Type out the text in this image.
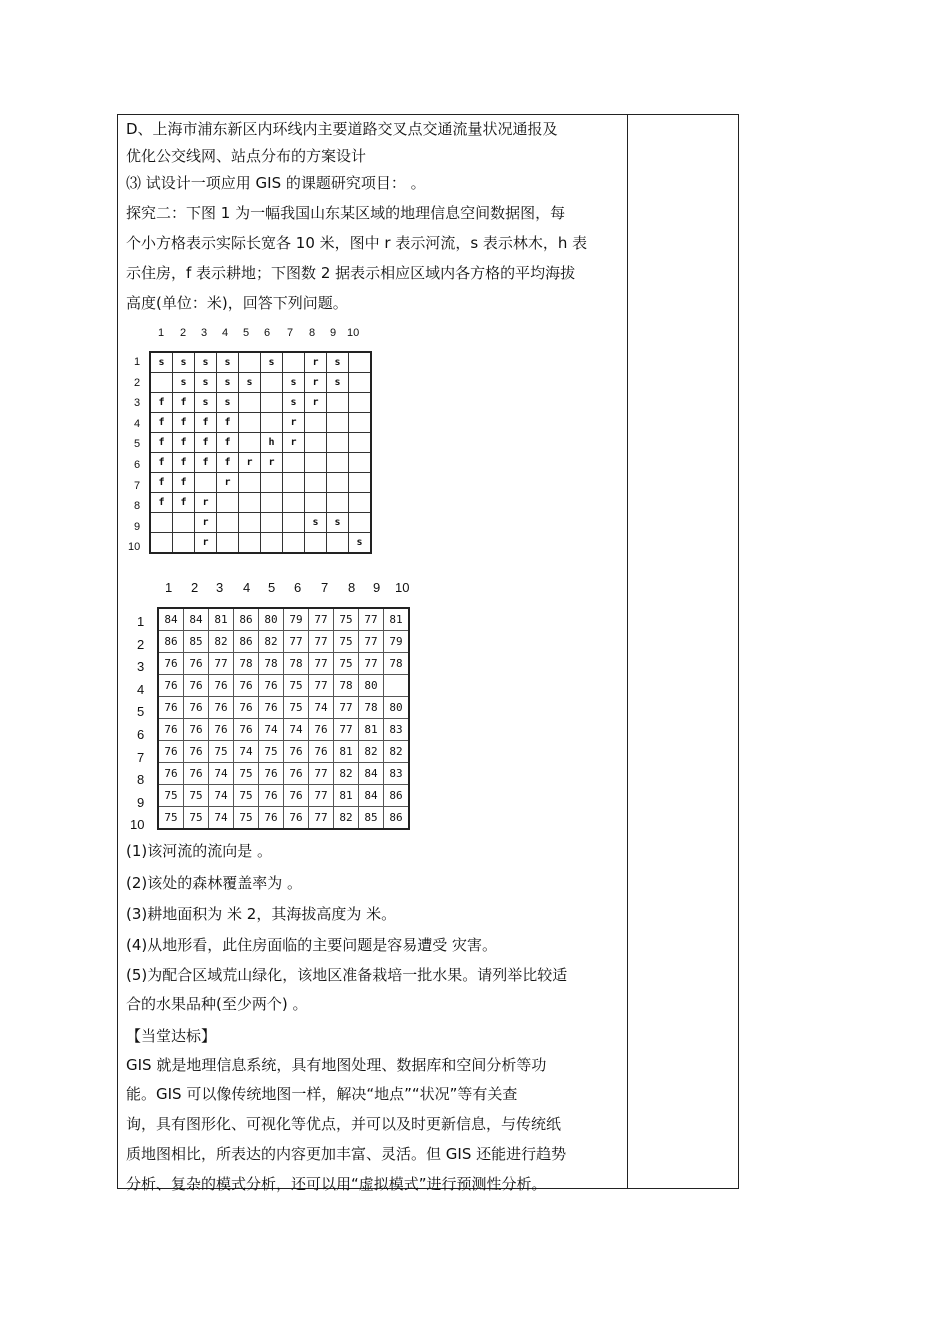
D、上海市浦东新区内环线内主要道路交叉点交通流量状况通报及
优化公交线网、站点分布的方案设计
⑶ 试设计一项应用 GIS 的课题研究项目： 。
探究二：下图 1 为一幅我国山东某区域的地理信息空间数据图，每
个小方格表示实际长宽各 10 米，图中 r 表示河流，s 表示林木，h 表
示住房，f 表示耕地；下图数 2 据表示相应区域内各方格的平均海拔
高度(单位：米)，回答下列问题。
1 2 3 4 5 6 7 8 9 10
1
2
3
4
5
6
7
8
9
10
s	s	s	s		s		r	s	
	s	s	s	s		s	r	s	
f	f	s	s			s	r		
f	f	f	f			r			
f	f	f	f		h	r			
f	f	f	f	r	r				
f	f		r						
f	f	r							
		r					s	s	
		r							s
1 2 3 4 5 6 7 8 9 10
1
2
3
4
5
6
7
8
9
10
84	84	81	86	80	79	77	75	77	81
86	85	82	86	82	77	77	75	77	79
76	76	77	78	78	78	77	75	77	78
76	76	76	76	76	75	77	78	80	
76	76	76	76	76	75	74	77	78	80
76	76	76	76	74	74	76	77	81	83
76	76	75	74	75	76	76	81	82	82
76	76	74	75	76	76	77	82	84	83
75	75	74	75	76	76	77	81	84	86
75	75	74	75	76	76	77	82	85	86
(1)该河流的流向是 。
(2)该处的森林覆盖率为 。
(3)耕地面积为 米 2，其海拔高度为 米。
(4)从地形看，此住房面临的主要问题是容易遭受 灾害。
(5)为配合区域荒山绿化，该地区准备栽培一批水果。请列举比较适
合的水果品种(至少两个) 。
【当堂达标】
GIS 就是地理信息系统，具有地图处理、数据库和空间分析等功
能。GIS 可以像传统地图一样，解决“地点”“状况”等有关查
询，具有图形化、可视化等优点，并可以及时更新信息，与传统纸
质地图相比，所表达的内容更加丰富、灵活。但 GIS 还能进行趋势
分析、复杂的模式分析，还可以用“虚拟模式”进行预测性分析。
